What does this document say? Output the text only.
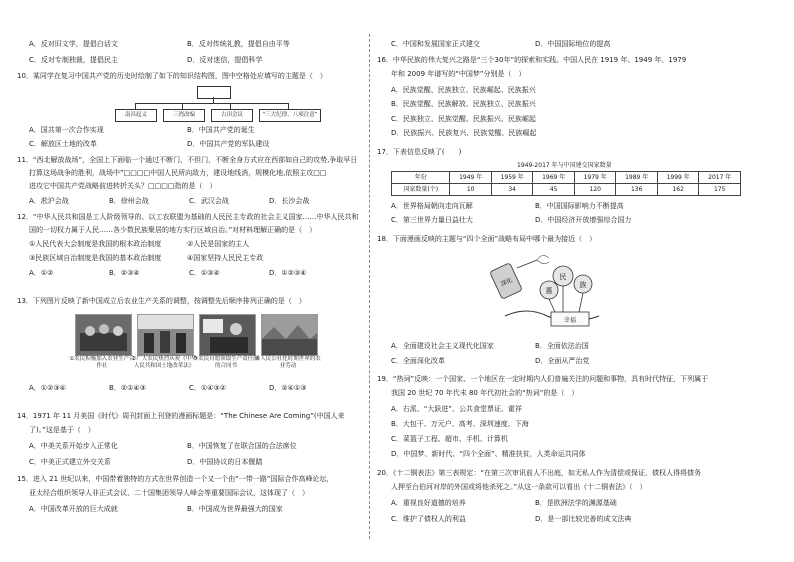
A．反对旧文学，提倡白话文	B．反对传统礼教，提倡自由平等
C．反对专制独裁，提倡民主	D．反对迷信，提倡科学
10．某同学在复习中国共产党的历史时绘制了如下的知识结构图，图中空格处应填写的主题是（　）
南昌起义	三湾改编	古田会议	“三大纪律、八项注意”
A．国共第一次合作实现	B．中国共产党的诞生
C．解放区土地的改革	D．中国共产党的军队建设
11．“西北解放战场”，全国上下面临一个通过不断门，不但门，不断全身方式应在西部如自己的攻势,争取早日
打算这场战争的胜利，战场中”□□□□中国人民所向敌力，建设地线消，规模化地,依照主攻□□
进攻它中国共产党战略前进转折关头？□□□□指的是（　）
A．淞沪会战	B．徐州会战	C．武汉会战	D．长沙会战
12．“中华人民共和国是工人阶级领导的、以工农联盟为基础的人民民主专政的社会主义国家……中华人民共和
国的一切权力属于人民……各少数民族聚居的地方实行区域自治。”对材料理解正确的是（　）
①人民代表大会制度是我国的根本政治制度	②人民是国家的主人
③民族区域自治制度是我国的基本政治制度	④国家坚持人民民主专政
A．①②	B．②③④	C．①③④	D．①②③④
13．下列图片反映了新中国成立后农业生产关系的调整，按调整先后顺序排列正确的是（　）
①农民积极加入农业生产合作社
②广大农民热烈庆祝《中华人民共和国土地改革法》
③农民自愿领取生产责任制的合同书
④人民公社化时期世界的农业劳动
A．①②③④	B．②①④③	C．①④③②	D．②④①③
14．1971 年 11 月美国《时代》周刊封面上刊登的漫画标题是：“The Chinese Are Coming”(中国人来
了)。”这是基于（　）
A．中美关系开始步入正常化	B．中国恢复了在联合国的合法席位
C．中美正式建立外交关系	D．中国协议的日本偃踏
15．进入 21 世纪以来，中国带着独特的方式在世界创造一个又一个由“一带一路”国际合作高峰论坛，
亚太经合组织领导人非正式会议、二十国集团领导人峰会等重要国际会议，这体现了（　）
A．中国改革开放的巨大成就	B．中国成为世界最强大的国家
C．中国和发展国家正式建交	D．中国国际地位的提高
16．中华民族的伟大复兴之路是“三个30年”的探索和实践。中国人民在 1919 年、1949 年、1979
年和 2009 年谱写的“中国梦”分别是（　）
A．民族觉醒、民族独立、民族崛起、民族振兴
B．民族觉醒、民族解放、民族独立、民族振兴
C．民族独立、民族觉醒、民族振兴、民族崛起
D．民族振兴、民族复兴、民族觉醒、民族崛起
17．下表信息反映了(　　)
1949-2017 年与中国建交国家数量
年份	1949 年	1959 年	1969 年	1979 年	1989 年	1999 年	2017 年
国家数量(个)	10	34	45	120	136	162	175
A．世界格局朝向走向瓦解	B．中国国际影响力不断提高
C．第三世界力量日益壮大	D．中国经济开放增强综合国力
18．下面漫画反映的主题与“四个全面”战略布局中哪个最为接近（　）
深化	民
族
惠
幸福
A．全面建设社会主义现代化国家	B．全面依法治国
C．全面深化改革	D．全面从严治党
19．“热词”反映：一个国家、一个地区在一定时期内人们普遍关注的问题和事物，具有时代特征，下列属于
我国 20 世纪 70 年代末 80 年代初社会的“热词”的是（　）
A．右派、“大跃进”、公共食堂票证、霍祥
B．大包干、万元户、高考、深圳速度、下海
C．菜篮子工程、超市、手机、计算机
D．中国梦、新时代、“四个全面”、精准扶贫，人类命运共同体
20．《十二铜表法》第三表规定：“在第三次审讯前人不出庭，如无私人作为清偿或保证，债权人得将债务
人押至台伯河对岸的外国或将他杀死之。”从这一条款可以看出《十二铜表法》（　）
A．重视良好道德的培养	B．是欧洲法学的渊源基础
C．维护了债权人的利益	D．是一部比较完善的成文法典
